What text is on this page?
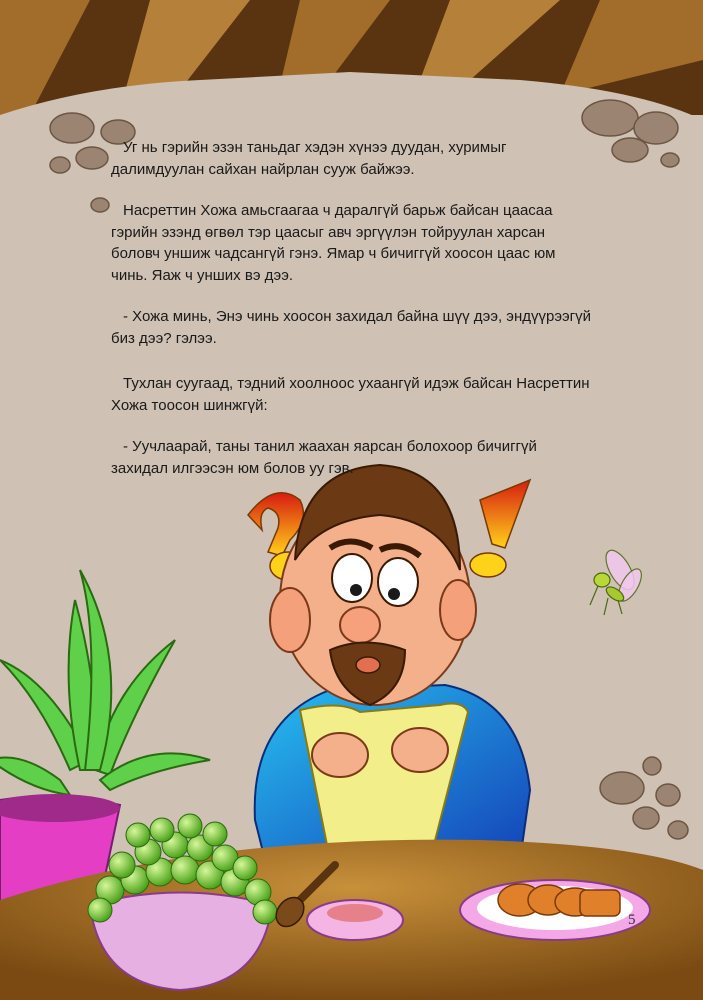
Уг нь гэрийн эзэн таньдаг хэдэн хүнээ дуудан, хуримыг далимдуулан сайхан найрлан сууж байжээ.

Насреттин Хожа амьсгаагаа ч даралгүй барьж байсан цаасаа гэрийн эзэнд өгвөл тэр цаасыг авч эргүүлэн тойруулан харсан боловч уншиж чадсангүй гэнэ. Ямар ч бичиггүй хоосон цаас юм чинь. Яаж ч унших вэ дээ.

- Хожа минь, Энэ чинь хоосон захидал байна шүү дээ, эндүүрээгүй биз дээ? гэлээ.

Тухлан суугаад, тэдний хоолноос ухаангүй идэж байсан Насреттин Хожа тоосон шинжгүй:

- Уучлаарай, таны танил жаахан яарсан болохоор бичиггүй захидал илгээсэн юм болов уу гэв.

5
